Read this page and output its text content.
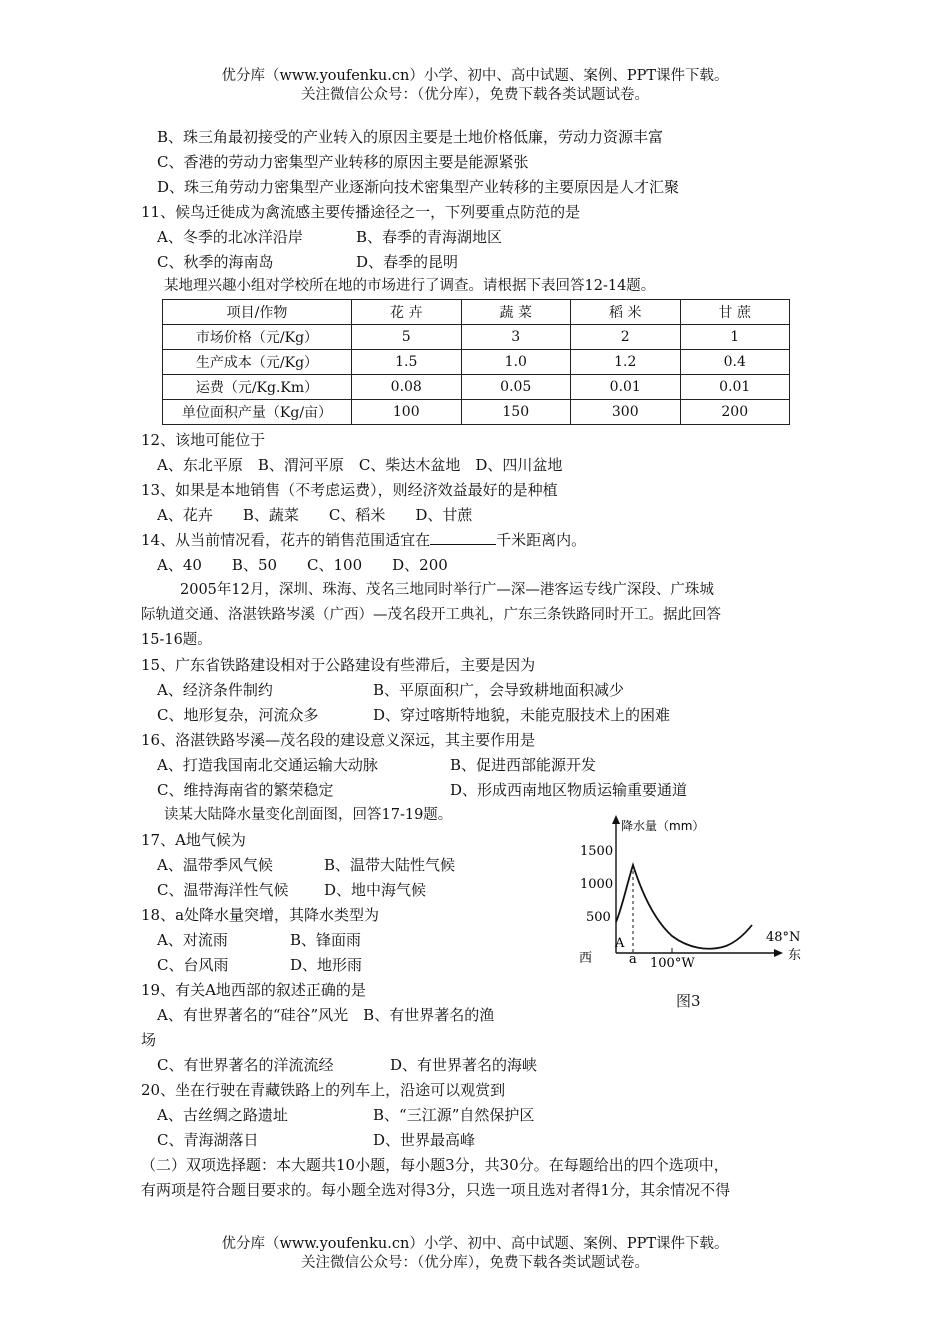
优分库（www.youfenku.cn）小学、初中、高中试题、案例、PPT课件下载。
关注微信公众号：（优分库），免费下载各类试题试卷。
B、珠三角最初接受的产业转入的原因主要是土地价格低廉，劳动力资源丰富
C、香港的劳动力密集型产业转移的原因主要是能源紧张
D、珠三角劳动力密集型产业逐渐向技术密集型产业转移的主要原因是人才汇聚
11、候鸟迁徙成为禽流感主要传播途径之一，下列要重点防范的是
A、冬季的北冰洋沿岸	B、春季的青海湖地区
C、秋季的海南岛	D、春季的昆明
某地理兴趣小组对学校所在地的市场进行了调查。请根据下表回答12-14题。
项目/作物	花 卉	蔬 菜	稻 米	甘 蔗
市场价格（元/Kg）	5	3	2	1
生产成本（元/Kg）	1.5	1.0	1.2	0.4
运费（元/Kg.Km）	0.08	0.05	0.01	0.01
单位面积产量（Kg/亩）	100	150	300	200
12、该地可能位于
A、东北平原　B、渭河平原　C、柴达木盆地　D、四川盆地
13、如果是本地销售（不考虑运费），则经济效益最好的是种植
A、花卉　　B、蔬菜　　C、稻米　　D、甘蔗
14、从当前情况看，花卉的销售范围适宜在	千米距离内。
A、40　　B、50　　C、100　　D、200
2005年12月，深圳、珠海、茂名三地同时举行广—深—港客运专线广深段、广珠城
际轨道交通、洛湛铁路岑溪（广西）—茂名段开工典礼，广东三条铁路同时开工。据此回答
15-16题。
15、广东省铁路建设相对于公路建设有些滞后，主要是因为
A、经济条件制约	B、平原面积广，会导致耕地面积减少
C、地形复杂，河流众多	D、穿过喀斯特地貌，未能克服技术上的困难
16、洛湛铁路岑溪—茂名段的建设意义深远，其主要作用是
A、打造我国南北交通运输大动脉	B、促进西部能源开发
C、维持海南省的繁荣稳定	D、形成西南地区物质运输重要通道
读某大陆降水量变化剖面图，回答17-19题。
17、A地气候为
A、温带季风气候	B、温带大陆性气候
C、温带海洋性气候 D、地中海气候
18、a处降水量突增，其降水类型为
A、对流雨	B、锋面雨
C、台风雨	D、地形雨
19、有关A地西部的叙述正确的是
A、有世界著名的“硅谷”风光　B、有世界著名的渔
场
C、有世界著名的洋流流经	D、有世界著名的海峡
20、坐在行驶在青藏铁路上的列车上，沿途可以观赏到
A、古丝绸之路遗址	B、“三江源”自然保护区
C、青海湖落日	D、世界最高峰
（二）双项选择题：本大题共10小题，每小题3分，共30分。在每题给出的四个选项中，
有两项是符合题目要求的。每小题全选对得3分，只选一项且选对者得1分，其余情况不得
降水量（mm）
1500
1000
500
西
A
a 100°W
48°N
东
图3
优分库（www.youfenku.cn）小学、初中、高中试题、案例、PPT课件下载。
关注微信公众号：（优分库），免费下载各类试题试卷。
